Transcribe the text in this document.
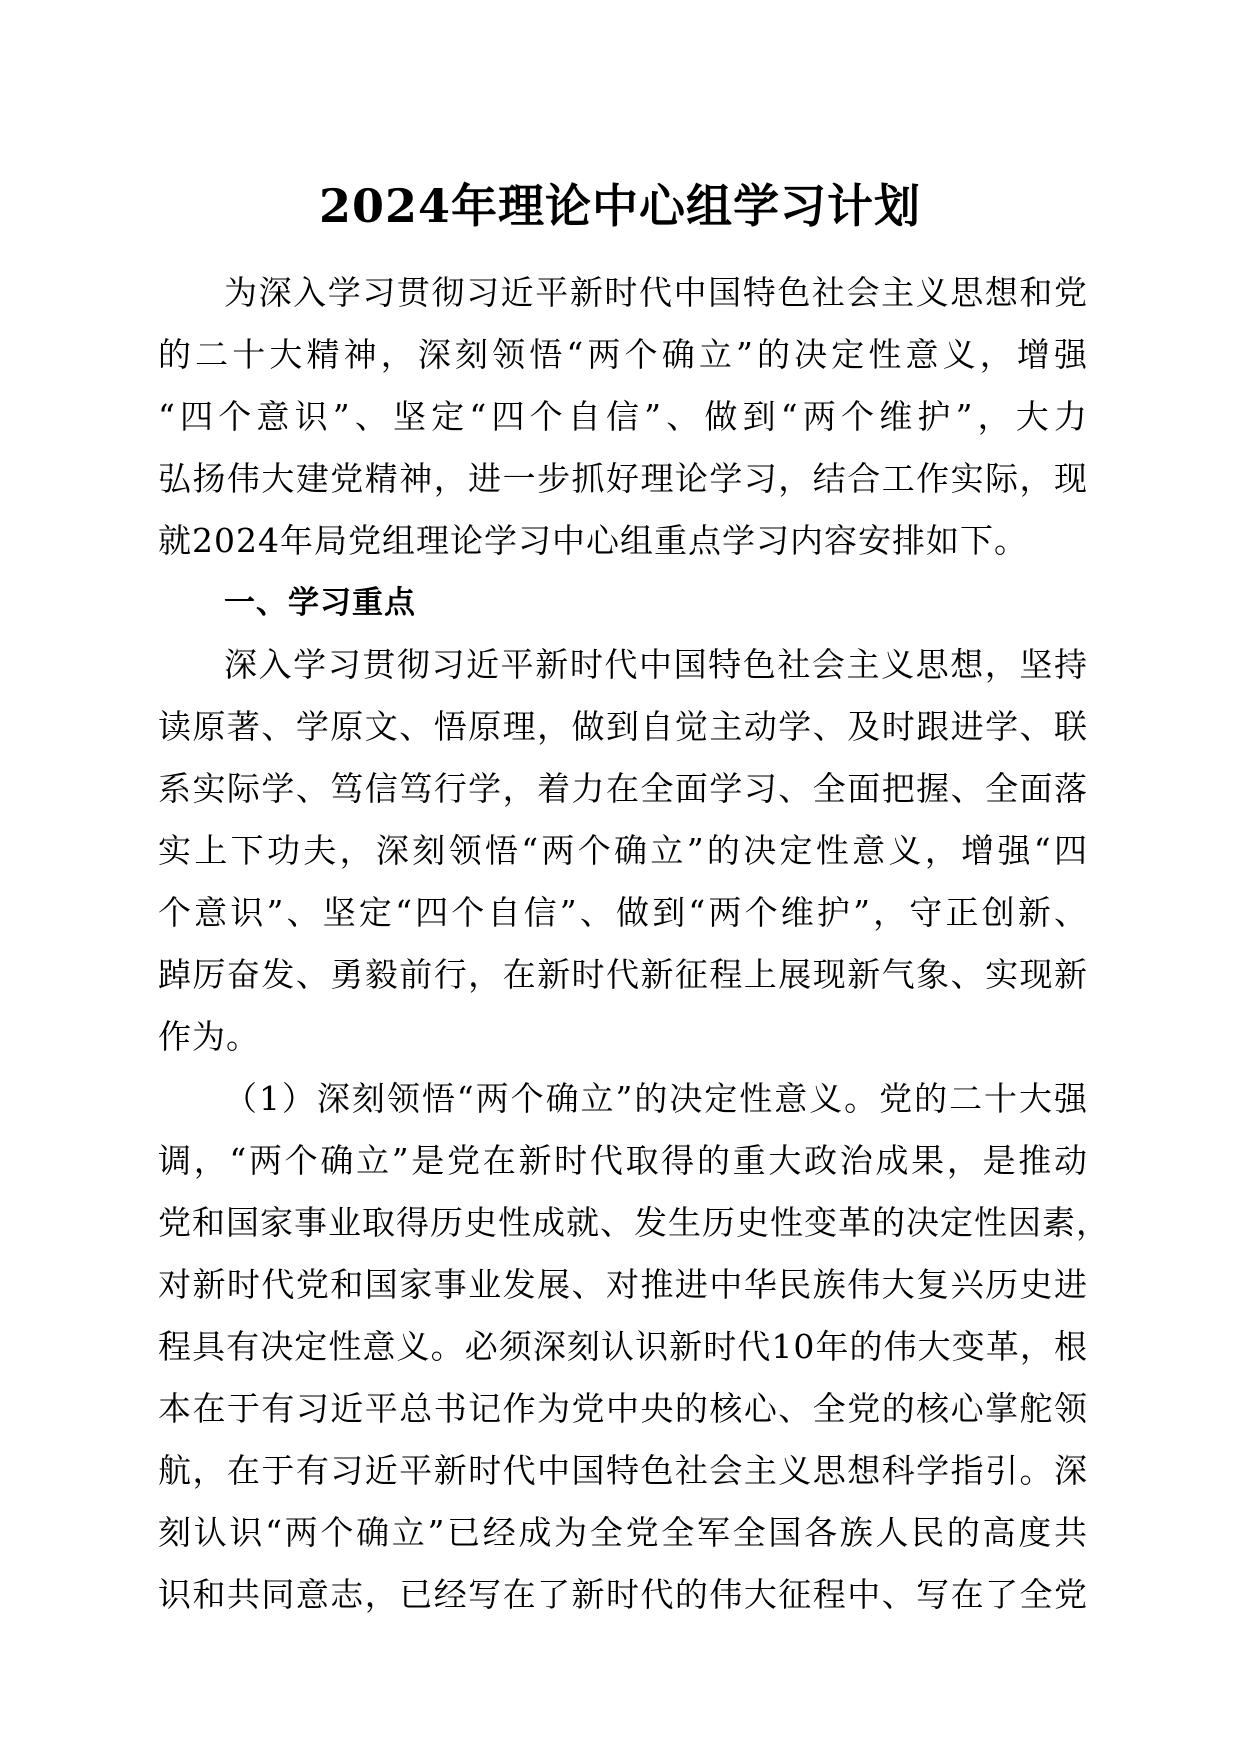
2024年理论中心组学习计划
为深入学习贯彻习近平新时代中国特色社会主义思想和党
的二十大精神，深刻领悟“两个确立”的决定性意义，增强
“四个意识”、坚定“四个自信”、做到“两个维护”，大力
弘扬伟大建党精神，进一步抓好理论学习，结合工作实际，现
就2024年局党组理论学习中心组重点学习内容安排如下。
一、学习重点
深入学习贯彻习近平新时代中国特色社会主义思想，坚持
读原著、学原文、悟原理，做到自觉主动学、及时跟进学、联
系实际学、笃信笃行学，着力在全面学习、全面把握、全面落
实上下功夫，深刻领悟“两个确立”的决定性意义，增强“四
个意识”、坚定“四个自信”、做到“两个维护”，守正创新、
踔厉奋发、勇毅前行，在新时代新征程上展现新气象、实现新
作为。
（1）深刻领悟“两个确立”的决定性意义。党的二十大强
调，“两个确立”是党在新时代取得的重大政治成果，是推动
党和国家事业取得历史性成就、发生历史性变革的决定性因素，
对新时代党和国家事业发展、对推进中华民族伟大复兴历史进
程具有决定性意义。必须深刻认识新时代10年的伟大变革，根
本在于有习近平总书记作为党中央的核心、全党的核心掌舵领
航，在于有习近平新时代中国特色社会主义思想科学指引。深
刻认识“两个确立”已经成为全党全军全国各族人民的高度共
识和共同意志，已经写在了新时代的伟大征程中、写在了全党
